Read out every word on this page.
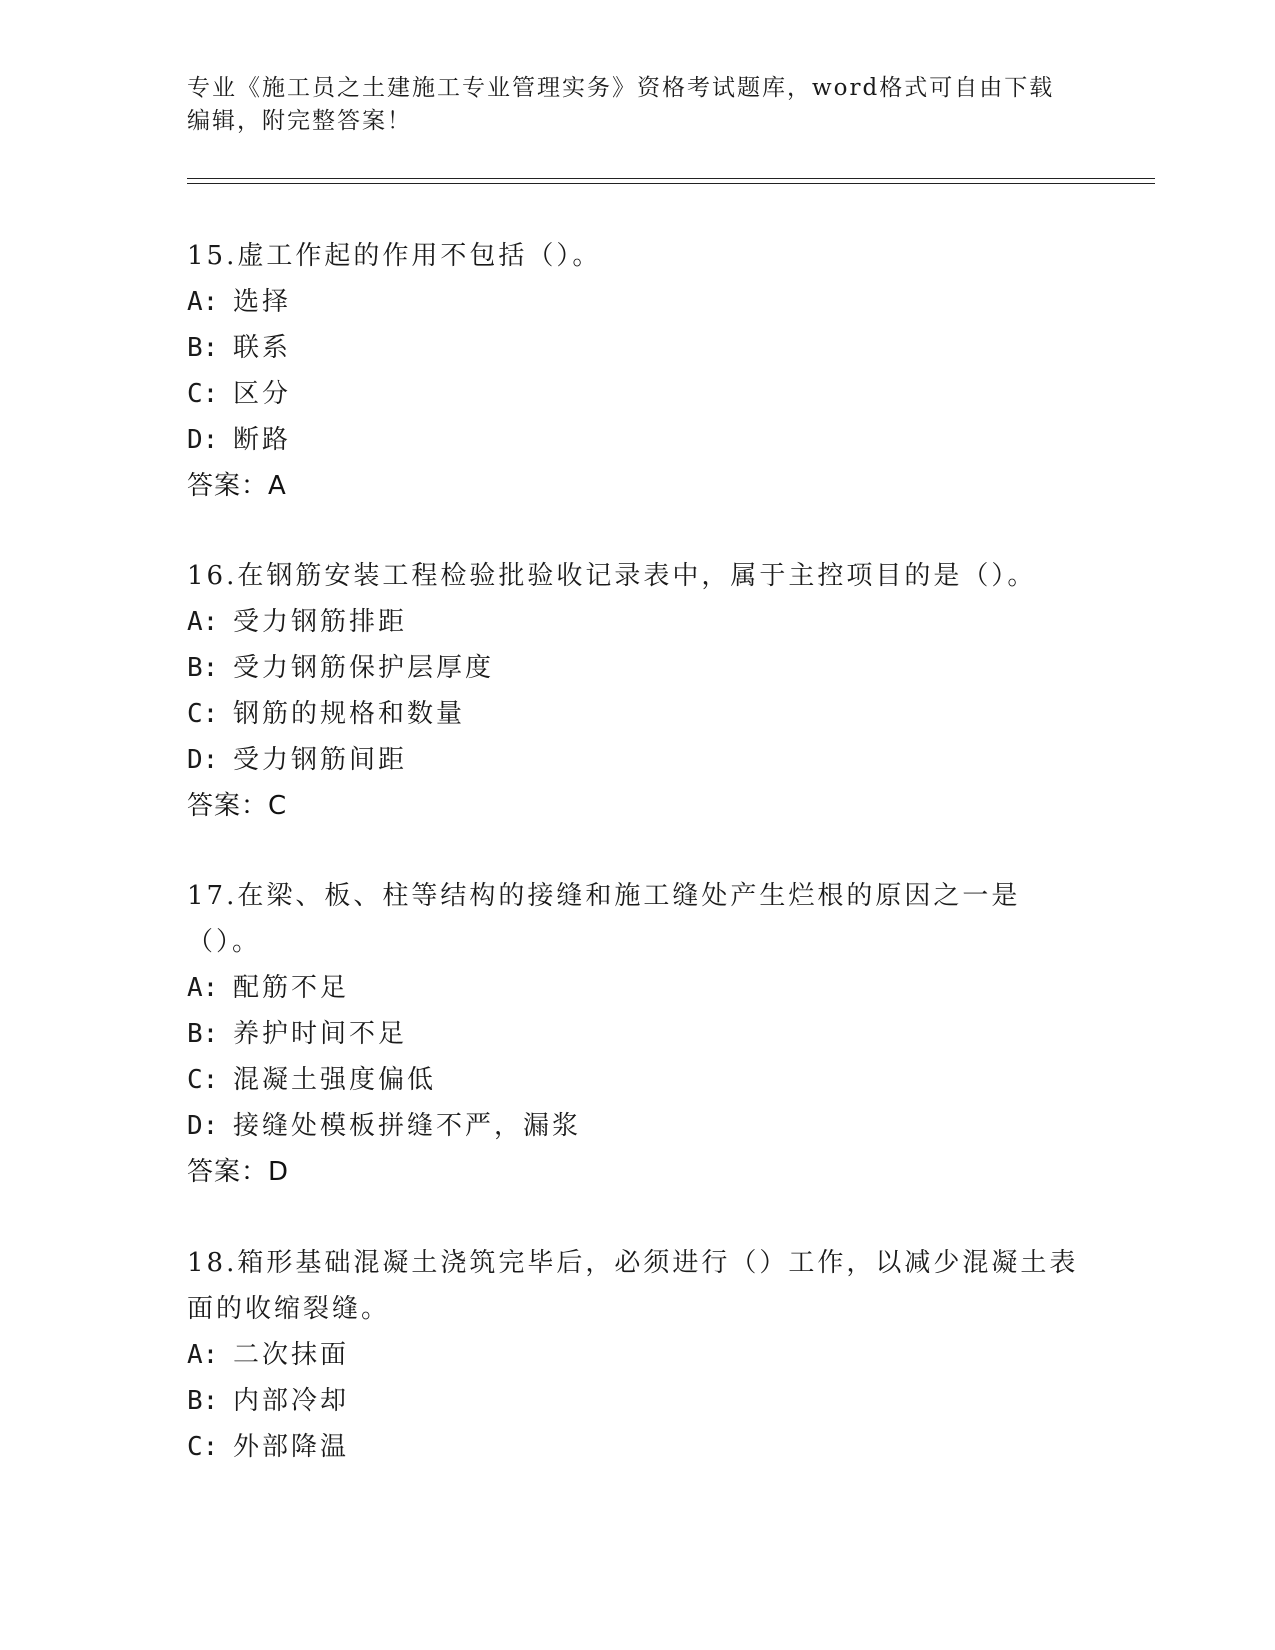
专业《施工员之土建施工专业管理实务》资格考试题库，word格式可自由下载编辑，附完整答案！

15.虚工作起的作用不包括（）。

A: 选择

B: 联系

C: 区分

D: 断路

答案：A

16.在钢筋安装工程检验批验收记录表中，属于主控项目的是（）。

A: 受力钢筋排距

B: 受力钢筋保护层厚度

C: 钢筋的规格和数量

D: 受力钢筋间距

答案：C

17.在梁、板、柱等结构的接缝和施工缝处产生烂根的原因之一是（）。

A: 配筋不足

B: 养护时间不足

C: 混凝土强度偏低

D: 接缝处模板拼缝不严，漏浆

答案：D

18.箱形基础混凝土浇筑完毕后，必须进行（）工作，以减少混凝土表面的收缩裂缝。

A: 二次抹面

B: 内部冷却

C: 外部降温
